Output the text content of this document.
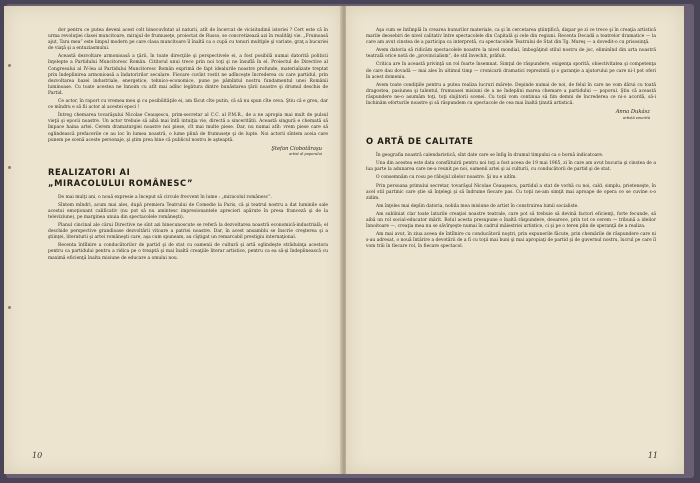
dor pentru ce putea deveni acest colt binecuvîntat al naturii, atît de încercat de vicisitudinii istoriei ? Cert este că în urma revoluţiei clasei muncitoare, mirajul de frumuseţe, proiectat de Russo, se concretizează azi în realităţi vie. „Frumoasă ajut, Tara mea” este limpul modern pe care clasa muncitoare îl înaltă ca o cupă cu tonuri multiple şi variate, graţ a bucuriei de viaţă şi a entuziasmului.

Această dezvoltare armonioasă a ţării, în toate direcţiile şi perspectivele ei, a fost posibilă numai datorită politicii înţelepte a Partidului Muncitoresc Român. Cititorul unui trece prin noi toţi şi ne însuflă în el. Proiectul de Directive al Congresului al IV-lea al Partidului Muncitoresc Român exprimă de fapt idealurile noastre profunde, materializate treptat prin îndeplinirea armonioasă a îndatoririlor seculare. Fiecare cuvînt rostit ne adînceşte încrederea cu care partidul, prin dezvoltarea bazei industriale, energetice, tehnico-economice, pune pe pămîntul nostru fundamentul unei Românii luminoase. Cu toate acestea ne înnoim cu atît mai adînc legătura dintre bunăstarea ţării noastre şi drumul deschis de Partid.

Ce actor, în raport cu vremea meu şi cu posibilităţile ei, am făcut cîte putin, că să nu spun cîte ceva. Ştiu că e greu, dar ce mîndru e să fii actor al acestei epoci !

Întreg chemarea tovarăşului Nicolae Ceauşescu, prim-secretar al C.C. al P.M.R., de a ne apropia mai mult de pulsul vieţii şi epocii noastre. Un actor trebuie să aibă mai întîi intuiţia vie, directă a sinceritătii. Această singură e chemată să împace haina artei. Cerem dramaturgiei noastre noi piese, cît mai multe piese. Dar, nu numai atît: vrem piese care să oglindească prefacerile ce au loc în lumea noastră, o lume plină de frumuseţe şi de lupte. Noi actorii sîntem aceia care punem pe scenă aceste personaje, şi ştim prea bine că publicul nostru le aşteaptă.

Ştefan Ciobotăraşu
artist al poporului
REALIZATORI AI
„MIRACOLULUI ROMÂNESC”

De mai mulţi ani, o nouă expresie a început să circule frecvent în lume : „miracolul românesc”.

Sîntem mîndri, acum mai ales, după premiera Teatrului de Comedie la Paris, că şi teatrul nostru a dat luminile sale acestui emoţionant calificativ (nu pot să nu amintesc impresionantele aprecieri apărute în presa franceză şi de la televiziune), pe marginea unuia din spectacolele româneşti).

Planul cincinal ale cărui Directive ne sînt azi binecunoscute se referă la dezvoltarea noastră economică-industrială; el deschide perspective grandioase dezvoltării vitoare a patriei noastre. Dar, în acest ansamblu se înscrie creşterea şi a ştiinţei, literaturii şi artei româneşti care, aşa cum spuneam, au cîştigat un remarcabil prestigiu internaţional.

Recenta întîlnire a conducătorilor de partid şi de stat cu oamenii de cultură şi artă oglindeşte străduinţa acestora pentru ca partidului pentru a ridica pe o treaptă şi mai înaltă creaţiile literar artistice, pentru ca ea să-şi îndeplinească cu maximă eficienţă înalta misiune de educare a omului nou.

10

Aşa cum se întîmplă în crearea bunurilor materiale, ca şi în cercetarea ştiinţifică, dispar pe zi ce trece şi în creaţia artistică marile deosebiri de nivel calitativ între spectacolele din Capitală şi cele din regiuni. Recenta Decadă a teatrelor dramatice — la care am avut cinstea de a participa ca interpretă, cu spectacolele Teatrului de Stat din Tg. Mureş — a dovedit-o cu prisosinţă.

Avem datoria să ridicăm spectacolele noastre la nivel mondial, îmbogăţind stilul nostru de joc, eliminînd din arta noastră teatrală orice notă de „provincialism”, de stil învechit, prăfuit.

Critica are în această privinţă un rol foarte însemnat. Simţul de răspundere, exigenţa sporită, obiectivitatea şi competenţa de care dau dovadă — mai ales în ultimul timp — cronicarii dramatici reprezintă şi o garanţie a ajutorului pe care ni-l pot oferi în acest domeniu.

Avem toate condiţiile pentru a putea realiza lucruri mărețe. Depinde numai de noi, de felul în care ne vom dărui cu toată dragostea, pasiunea şi talentul, frumoasei misiuni de a ne îndeplini marea chemare a partidului — poporul. Ştiu că această răspundere ne-o asumăm toţi, toţi slujitorii scenei. Cu toţii vom continua să fim demni de încrederea ce ni-o acordă, să-i închinăm eforturile noastre şi să răspundem cu spectacole de cea mai înaltă ţinută artistică.

Anna Dukász
artistă emerită
O ARTĂ DE CALITATE

În geografia noastră calendaristică, sînt date care se înfig în drumul timpului ca o bornă indicatoare.

Una din acestea este data consfătuirii pentru noi toţi a fost aceea de 19 mai 1965, zi în care am avut bucuria şi cinstea de a lua parte la adunarea care ne-a reunit pe noi, oamenii artei şi ai culturii, cu conducătorii de partid şi de stat.

O consemnăm cu rosu pe răbojul zilelor noastre. Şi nu e uitîm.

Prin persoana primului secretar, tovarăşul Nicolae Ceauşescu, partidul a stat de vorbă cu noi, cald, simplu, prieteneşte, în acel stil partinic care ştie să înţelegi şi să îndrume fiecare pas. Cu toţii ne-am simţit mai aproape de opera ce se cuvine s-o zidim.

Am înţeles mai deplin datoria, nobila mea misiune de artist în construirea lumii socialiste.

Am subliniat clar toate laturile creaţiei noastre teatrale, care pot să trebuie să devină factori eficienţi, forte fecunde, să aibă un rol social-educator mărit. Rolul acesta presupune o înaltă răspundere, deoarece, prin tot ce cerem — tribună a ideilor înnoitoare —, creaţia mea nu se săvîrşeşte numai în cadrul măiestriei artistice, ci şi pe o teren plin de speranţă de a realiza.

Am mai avut, în ziua aceea de întîlnire cu conducătorii noştri, prin expunerile făcute, prin chemările de răspundere care ni s-au adresat, o nouă întărire a devotării de a fi cu toţii mai buni şi mai apropiaţi de partid şi de guvernul nostru, lucrul pe care îl vom trăi în fiecare rol, în fiecare spectacol.

11
